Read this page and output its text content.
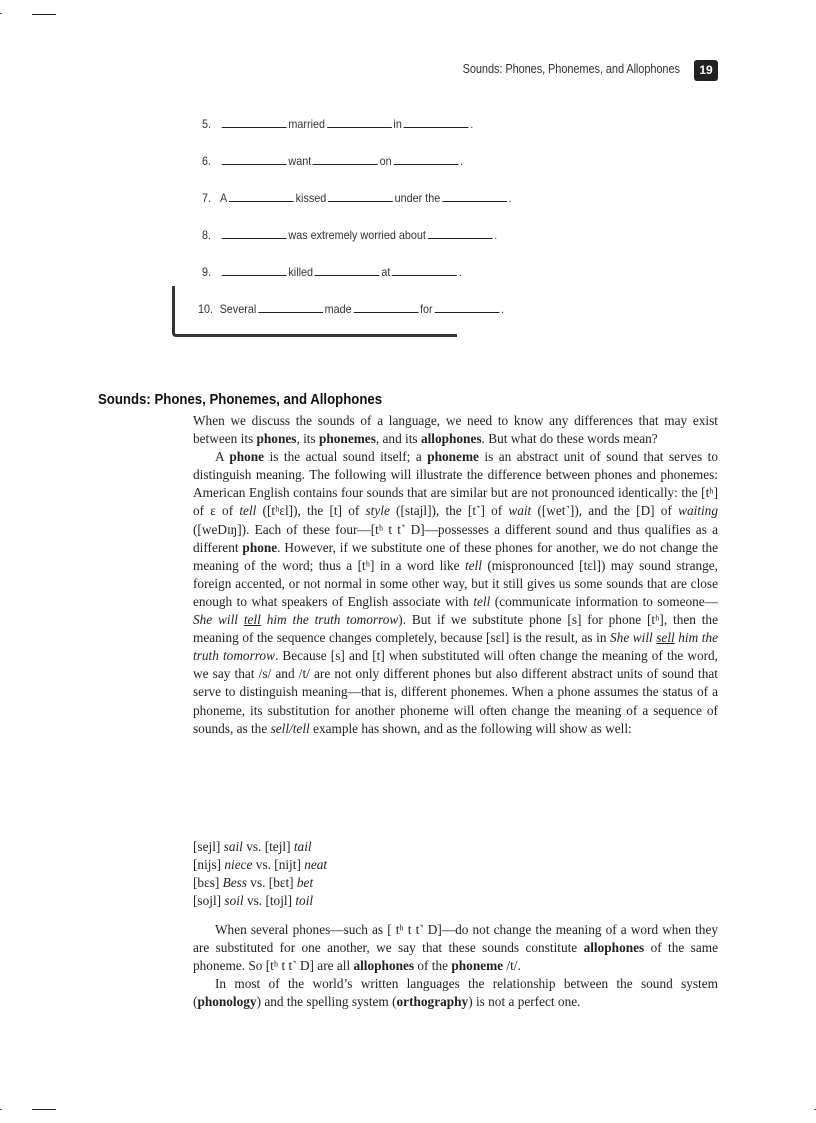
Sounds: Phones, Phonemes, and Allophones	19
5.	married	in	.
6.	want	on	.
7. A	kissed	under the	.
8.	was extremely worried about	.
9.	killed	at	.
10. Several	made	for	.
Sounds: Phones, Phonemes, and Allophones

When we discuss the sounds of a language, we need to know any differences that may exist between its phones, its phonemes, and its allophones. But what do these words mean?

A phone is the actual sound itself; a phoneme is an abstract unit of sound that serves to distinguish meaning. The following will illustrate the difference between phones and phonemes: American English contains four sounds that are similar but are not pronounced identically: the [tʰ] of ɛ of tell ([tʰɛl]), the [t] of style ([stajl]), the [t˺] of wait ([wet˺]), and the [D] of waiting ([weDɪŋ]). Each of these four—[tʰ t t˺ D]—possesses a different sound and thus qualifies as a different phone. However, if we substitute one of these phones for another, we do not change the meaning of the word; thus a [tʰ] in a word like tell (mispronounced [tɛl]) may sound strange, foreign accented, or not normal in some other way, but it still gives us some sounds that are close enough to what speakers of English associate with tell (communicate information to someone—She will tell him the truth tomorrow). But if we substitute phone [s] for phone [tʰ], then the meaning of the sequence changes completely, because [sɛl] is the result, as in She will sell him the truth tomorrow. Because [s] and [t] when substituted will often change the meaning of the word, we say that /s/ and /t/ are not only different phones but also different abstract units of sound that serve to distinguish meaning—that is, different phonemes. When a phone assumes the status of a phoneme, its substitution for another phoneme will often change the meaning of a sequence of sounds, as the sell/tell example has shown, and as the following will show as well:

[sejl] sail vs. [tejl] tail
[nijs] niece vs. [nijt] neat
[bɛs] Bess vs. [bɛt] bet
[sojl] soil vs. [tojl] toil

When several phones—such as [ tʰ t t˺ D]—do not change the meaning of a word when they are substituted for one another, we say that these sounds constitute allophones of the same phoneme. So [tʰ t t˺ D] are all allophones of the phoneme /t/.

In most of the world’s written languages the relationship between the sound system (phonology) and the spelling system (orthography) is not a perfect one.
